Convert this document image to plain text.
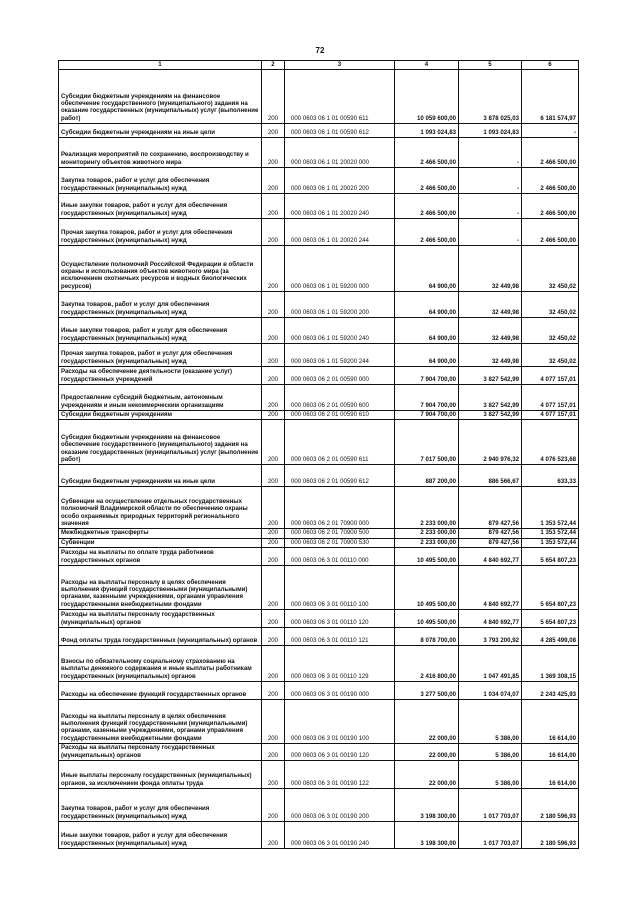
72
1	2	3	4	5	6
Субсидии бюджетным учреждениям на финансовое обеспечение государственного (муниципального) задания на оказание государственных (муниципальных) услуг (выполнение работ)	200	000 0603 06 1 01 00590 611	10 059 600,00	3 878 025,03	6 181 574,97
Субсидии бюджетным учреждениям на иные цели	200	000 0603 06 1 01 00590 612	1 093 024,83	1 093 024,83	-
Реализация мероприятий по сохранению, воспроизводству и мониторингу объектов животного мира	200	000 0603 06 1 01 20020 000	2 466 500,00	-	2 466 500,00
Закупка товаров, работ и услуг для обеспечения государственных (муниципальных) нужд	200	000 0603 06 1 01 20020 200	2 466 500,00	-	2 466 500,00
Иные закупки товаров, работ и услуг для обеспечения государственных (муниципальных) нужд	200	000 0603 06 1 01 20020 240	2 466 500,00	-	2 466 500,00
Прочая закупка товаров, работ и услуг для обеспечения государственных (муниципальных) нужд	200	000 0603 06 1 01 20020 244	2 466 500,00	-	2 466 500,00
Осуществление полномочий Российской Федерации в области охраны и использования объектов животного мира (за исключением охотничьих ресурсов и водных биологических ресурсов)	200	000 0603 06 1 01 59200 000	64 900,00	32 449,98	32 450,02
Закупка товаров, работ и услуг для обеспечения государственных (муниципальных) нужд	200	000 0603 06 1 01 59200 200	64 900,00	32 449,98	32 450,02
Иные закупки товаров, работ и услуг для обеспечения государственных (муниципальных) нужд	200	000 0603 06 1 01 59200 240	64 900,00	32 449,98	32 450,02
Прочая закупка товаров, работ и услуг для обеспечения государственных (муниципальных) нужд	200	000 0603 06 1 01 59200 244	64 900,00	32 449,98	32 450,02
Расходы на обеспечение деятельности (оказание услуг) государственных учреждений	200	000 0603 06 2 01 00590 000	7 904 700,00	3 827 542,99	4 077 157,01
Предоставление субсидий бюджетным, автономным учреждениям и иным некоммерческим организациям	200	000 0603 06 2 01 00590 600	7 904 700,00	3 827 542,99	4 077 157,01
Субсидии бюджетным учреждениям	200	000 0603 06 2 01 00590 610	7 904 700,00	3 827 542,99	4 077 157,01
Субсидии бюджетным учреждениям на финансовое обеспечение государственного (муниципального) задания на оказание государственных (муниципальных) услуг (выполнение работ)	200	000 0603 06 2 01 00590 611	7 017 500,00	2 940 976,32	4 076 523,68
Субсидии бюджетным учреждениям на иные цели	200	000 0603 06 2 01 00590 612	887 200,00	886 566,67	633,33
Субвенции на осуществление отдельных государственных полномочий Владимирской области по обеспечению охраны особо охраняемых природных территорий регионального значения	200	000 0603 06 2 01 70900 000	2 233 000,00	879 427,56	1 353 572,44
Межбюджетные трансферты	200	000 0603 06 2 01 70900 500	2 233 000,00	879 427,56	1 353 572,44
Субвенции	200	000 0603 06 2 01 70900 530	2 233 000,00	879 427,56	1 353 572,44
Расходы на выплаты по оплате труда работников государственных органов	200	000 0603 06 3 01 00110 000	10 495 500,00	4 840 692,77	5 654 807,23
Расходы на выплаты персоналу в целях обеспечения выполнения функций государственными (муниципальными) органами, казенными учреждениями, органами управления государственными внебюджетными фондами	200	000 0603 06 3 01 00110 100	10 495 500,00	4 840 692,77	5 654 807,23
Расходы на выплаты персоналу государственных (муниципальных) органов	200	000 0603 06 3 01 00110 120	10 495 500,00	4 840 692,77	5 654 807,23
Фонд оплаты труда государственных (муниципальных) органов	200	000 0603 06 3 01 00110 121	8 078 700,00	3 793 200,92	4 285 499,08
Взносы по обязательному социальному страхованию на выплаты денежного содержания и иные выплаты работникам государственных (муниципальных) органов	200	000 0603 06 3 01 00110 129	2 416 800,00	1 047 491,85	1 369 308,15
Расходы на обеспечение функций государственных органов	200	000 0603 06 3 01 00190 000	3 277 500,00	1 034 074,07	2 243 425,93
Расходы на выплаты персоналу в целях обеспечения выполнения функций государственными (муниципальными) органами, казенными учреждениями, органами управления государственными внебюджетными фондами	200	000 0603 06 3 01 00190 100	22 000,00	5 386,00	16 614,00
Расходы на выплаты персоналу государственных (муниципальных) органов	200	000 0603 06 3 01 00190 120	22 000,00	5 386,00	16 614,00
Иные выплаты персоналу государственных (муниципальных) органов, за исключением фонда оплаты труда	200	000 0603 06 3 01 00190 122	22 000,00	5 386,00	16 614,00
Закупка товаров, работ и услуг для обеспечения государственных (муниципальных) нужд	200	000 0603 06 3 01 00190 200	3 198 300,00	1 017 703,07	2 180 596,93
Иные закупки товаров, работ и услуг для обеспечения государственных (муниципальных) нужд	200	000 0603 06 3 01 00190 240	3 198 300,00	1 017 703,07	2 180 596,93
